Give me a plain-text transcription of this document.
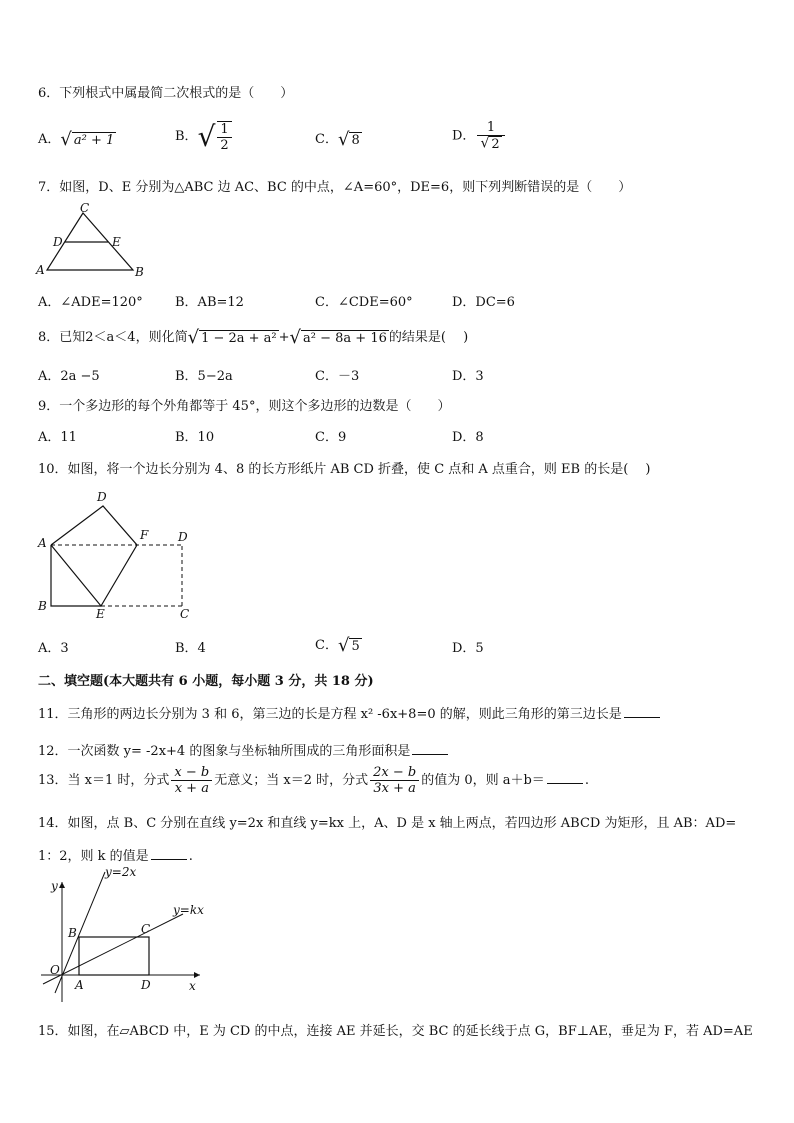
6．下列根式中属最简二次根式的是（　　）
A．√ a² + 1	B．√ $\frac{1}{2}$	C．√ 8	D． $\frac{1}{√ 2}$
7．如图，D、E 分别为△ABC 边 AC、BC 的中点，∠A=60°，DE=6，则下列判断错误的是（　　）
C
D	E
A	B
A．∠ADE=120° B．AB=12	C．∠CDE=60°	D．DC=6
8．已知2＜a＜4，则化简√ 1 − 2a + a² +√ a² − 8a + 16 的结果是(　 )
A．2a −5	B．5−2a	C．－3	D．3
9．一个多边形的每个外角都等于 45°，则这个多边形的边数是（　　）
A．11	B．10	C．9	D．8
10．如图，将一个边长分别为 4、8 的长方形纸片 AB CD 折叠，使 C 点和 A 点重合，则 EB 的长是(　 )
D
A
F D
B
E	C
A．3	B．4	C．√ 5	D．5
二、填空题(本大题共有 6 小题，每小题 3 分，共 18 分)
11．三角形的两边长分别为 3 和 6，第三边的长是方程 x² -6x+8=0 的解，则此三角形的第三边长是
12．一次函数 y= -2x+4 的图象与坐标轴所围成的三角形面积是
13．当 x＝1 时，分式 $\frac{x - b}{x + a}$ 无意义；当 x＝2 时，分式 $\frac{2x - b}{3x + a}$ 的值为 0，则 a＋b＝	.
14．如图，点 B、C 分别在直线 y=2x 和直线 y=kx 上，A、D 是 x 轴上两点，若四边形 ABCD 为矩形，且 AB：AD=
1：2，则 k 的值是	.
y
y=2x
y=kx
B	C
O
A	D	x
15．如图，在▱ABCD 中，E 为 CD 的中点，连接 AE 并延长，交 BC 的延长线于点 G，BF⊥AE，垂足为 F，若 AD=AE
